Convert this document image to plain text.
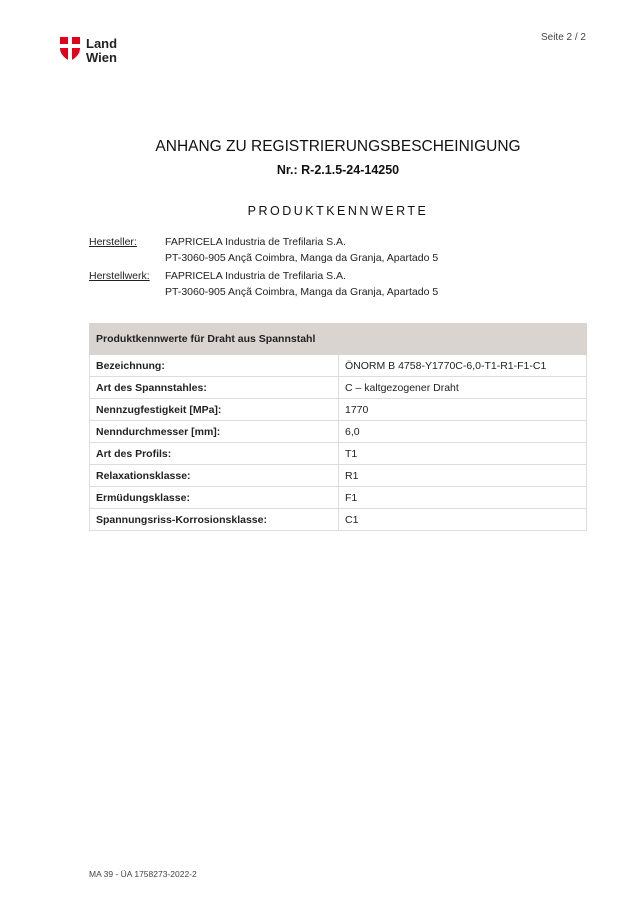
Land
Wien
Seite 2 / 2
ANHANG ZU REGISTRIERUNGSBESCHEINIGUNG
Nr.: R-2.1.5-24-14250
PRODUKTKENNWERTE
Hersteller:	FAPRICELA Industria de Trefilaria S.A.
PT-3060-905 Ançã Coimbra, Manga da Granja, Apartado 5
Herstellwerk: FAPRICELA Industria de Trefilaria S.A.
PT-3060-905 Ançã Coimbra, Manga da Granja, Apartado 5
Produktkennwerte für Draht aus Spannstahl	
Bezeichnung:	ÖNORM B 4758-Y1770C-6,0-T1-R1-F1-C1
Art des Spannstahles:	C – kaltgezogener Draht
Nennzugfestigkeit [MPa]:	1770
Nenndurchmesser [mm]:	6,0
Art des Profils:	T1
Relaxationsklasse:	R1
Ermüdungsklasse:	F1
Spannungsriss-Korrosionsklasse:	C1
MA 39 - ÜA 1758273-2022-2
